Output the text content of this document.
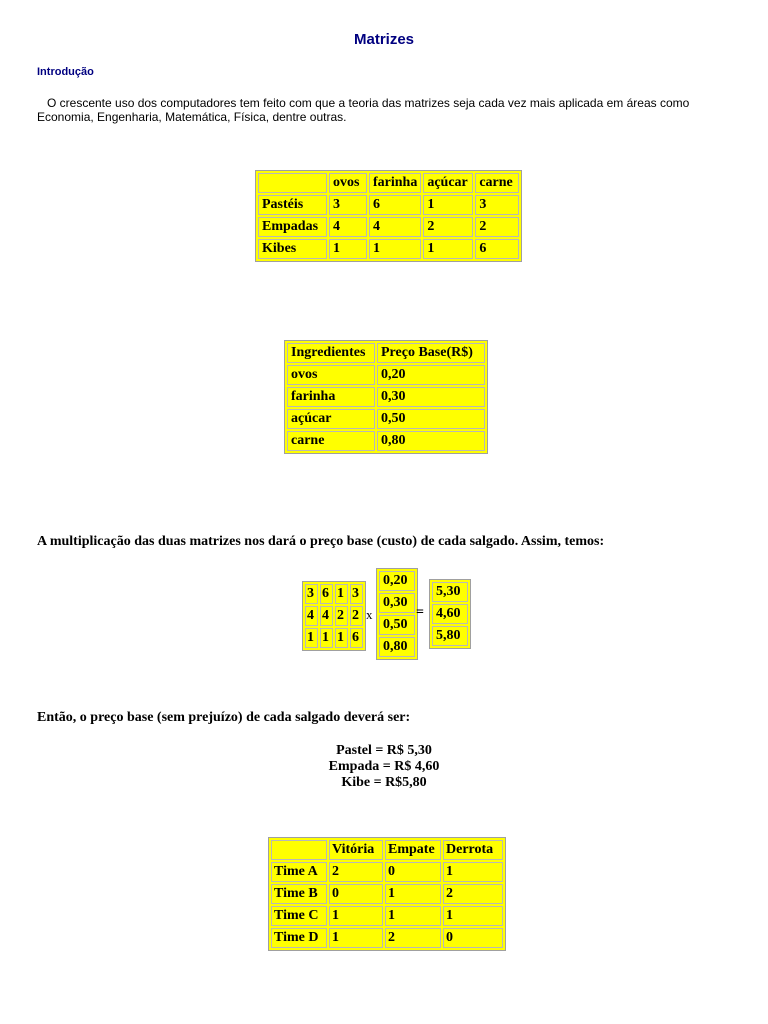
Matrizes
Introdução
O crescente uso dos computadores tem feito com que a teoria das matrizes seja cada vez mais aplicada em áreas como Economia, Engenharia, Matemática, Física, dentre outras.
	ovos	farinha	açúcar	carne
Pastéis	3	6	1	3
Empadas	4	4	2	2
Kibes	1	1	1	6
Ingredientes	Preço Base(R$)
ovos	0,20
farinha	0,30
açúcar	0,50
carne	0,80
A multiplicação das duas matrizes nos dará o preço base (custo) de cada salgado. Assim, temos:
3	6	1	3
4	4	2	2
1	1	1	6
x
0,20
0,30
0,50
0,80
=
5,30
4,60
5,80
Então, o preço base (sem prejuízo) de cada salgado deverá ser:
Pastel = R$ 5,30
Empada = R$ 4,60
Kibe = R$5,80
	Vitória	Empate	Derrota
Time A	2	0	1
Time B	0	1	2
Time C	1	1	1
Time D	1	2	0
